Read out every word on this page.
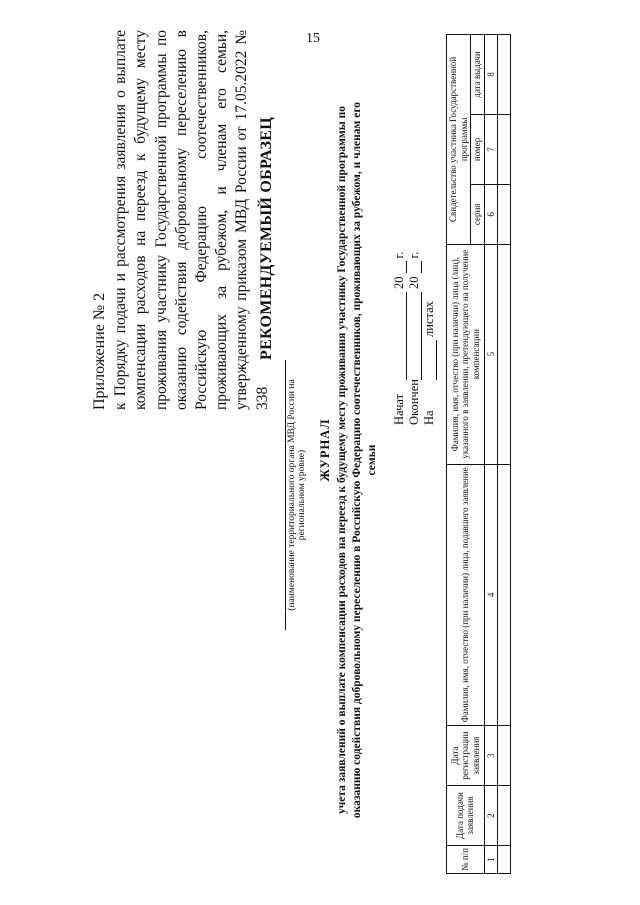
15
Приложение № 2 к Порядку подачи и рассмотрения заявления о выплате компенсации расходов на переезд к будущему месту проживания участнику Государственной программы по оказанию содействия добровольному переселению в Российскую Федерацию соотечественников, проживающих за рубежом, и членам его семьи, утвержденному приказом МВД России от 17.05.2022 № 338
РЕКОМЕНДУЕМЫЙ ОБРАЗЕЦ
(наименование территориального органа МВД России на региональном уровне) ЖУРНАЛ учета заявлений о выплате компенсации расходов на переезд к будущему месту проживания участнику Государственной программы по оказанию содействия добровольному переселению в Российскую Федерацию соотечественников, проживающих за рубежом, и членам его семьи
Начат
20
г.
Окончен
20
г.
На
листах
№ п/п	Дата подачи заявления	Дата регистрации заявления	Фамилия, имя, отчество (при наличии) лица, подавшего заявление	Фамилия, имя, отчество (при наличии) лица (лиц), указанного в заявлении, претендующего на получение компенсации	Свидетельство участника Государственной программы		
					серия	номер	дата выдачи
1	2	3	4	5	6	7	8
